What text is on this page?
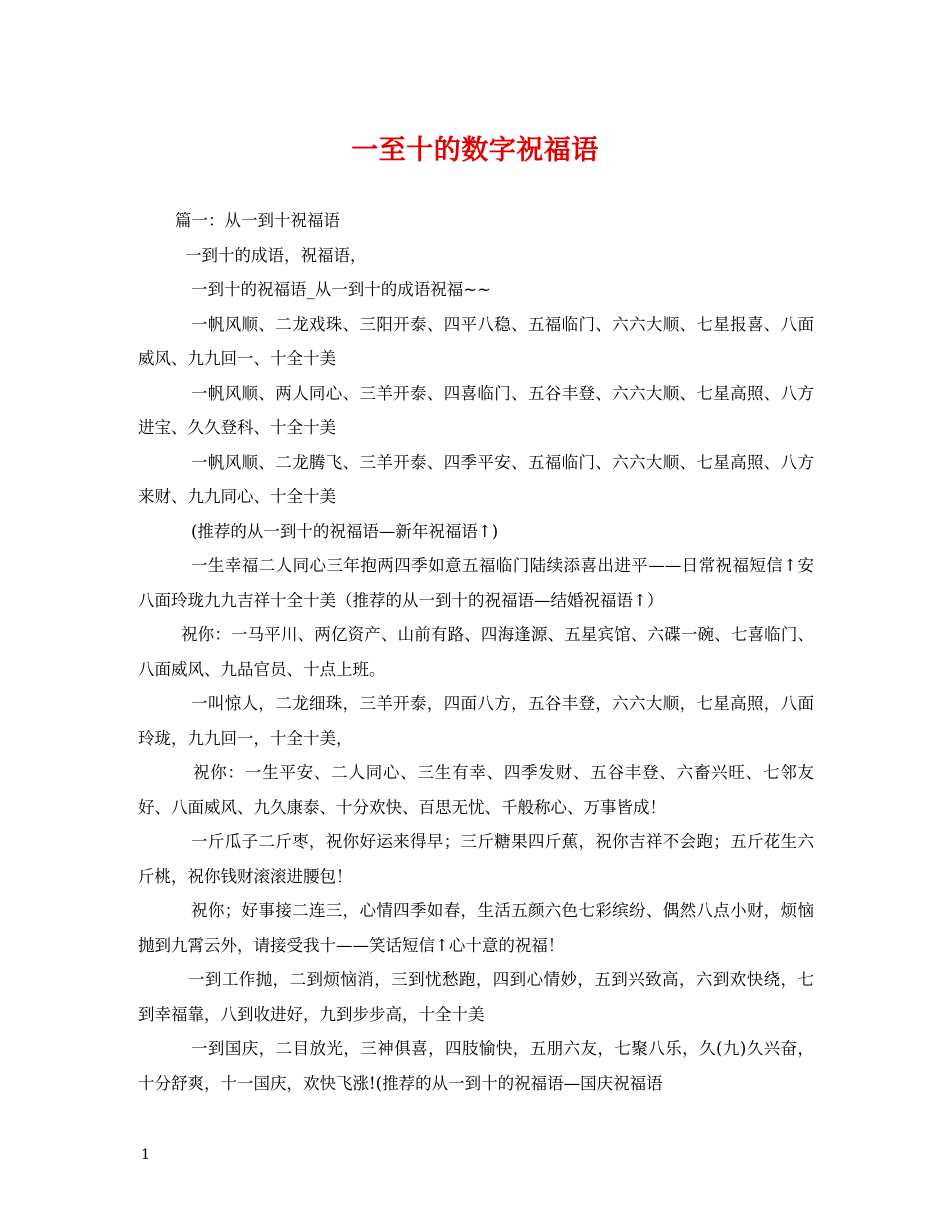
一至十的数字祝福语

篇一：从一到十祝福语

一到十的成语，祝福语，

一到十的祝福语_从一到十的成语祝福~~

一帆风顺、二龙戏珠、三阳开泰、四平八稳、五福临门、六六大顺、七星报喜、八面威风、九九回一、十全十美

一帆风顺、两人同心、三羊开泰、四喜临门、五谷丰登、六六大顺、七星高照、八方进宝、久久登科、十全十美

一帆风顺、二龙腾飞、三羊开泰、四季平安、五福临门、六六大顺、七星高照、八方来财、九九同心、十全十美

(推荐的从一到十的祝福语—新年祝福语↑)

一生幸福二人同心三年抱两四季如意五福临门陆续添喜出进平——日常祝福短信↑安八面玲珑九九吉祥十全十美（推荐的从一到十的祝福语—结婚祝福语↑）

祝你：一马平川、两亿资产、山前有路、四海逢源、五星宾馆、六碟一碗、七喜临门、八面威风、九品官员、十点上班。

一叫惊人，二龙细珠，三羊开泰，四面八方，五谷丰登，六六大顺，七星高照，八面玲珑，九九回一，十全十美，

祝你：一生平安、二人同心、三生有幸、四季发财、五谷丰登、六畜兴旺、七邻友好、八面威风、九久康泰、十分欢快、百思无忧、千般称心、万事皆成！

一斤瓜子二斤枣，祝你好运来得早；三斤糖果四斤蕉，祝你吉祥不会跑；五斤花生六斤桃，祝你钱财滚滚进腰包！

祝你；好事接二连三，心情四季如春，生活五颜六色七彩缤纷、偶然八点小财，烦恼抛到九霄云外，请接受我十——笑话短信↑心十意的祝福！

一到工作抛，二到烦恼消，三到忧愁跑，四到心情妙，五到兴致高，六到欢快绕，七到幸福靠，八到收进好，九到步步高，十全十美

一到国庆，二目放光，三神俱喜，四肢愉快，五朋六友，七聚八乐，久(九)久兴奋，十分舒爽，十一国庆，欢快飞涨!(推荐的从一到十的祝福语—国庆祝福语

1
